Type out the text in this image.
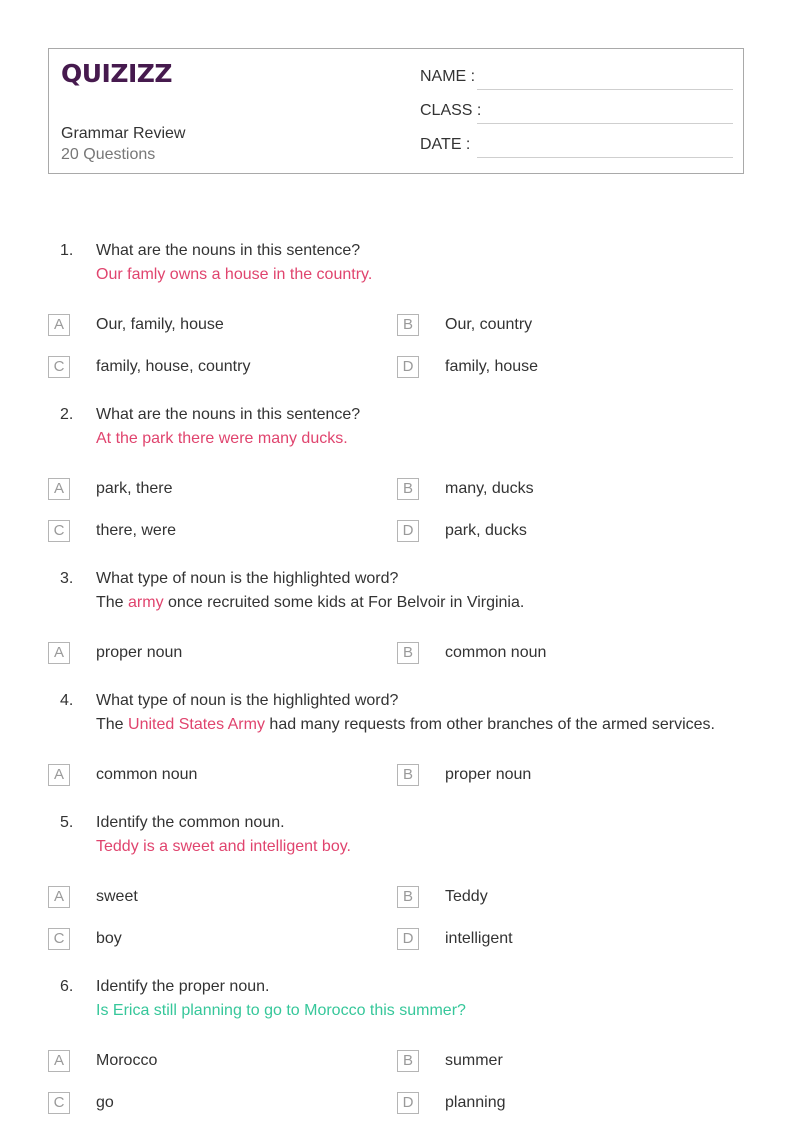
QUIZIZZ
Grammar Review
20 Questions
NAME :
CLASS :
DATE :
1. What are the nouns in this sentence?
Our famly owns a house in the country.
A	Our, family, house	B	Our, country
C	family, house, country	D	family, house
2. What are the nouns in this sentence?
At the park there were many ducks.
A	park, there	B	many, ducks
C	there, were	D	park, ducks
3. What type of noun is the highlighted word?
The army once recruited some kids at For Belvoir in Virginia.
A	proper noun	B	common noun
4. What type of noun is the highlighted word?
The United States Army had many requests from other branches of the armed services.
A	common noun	B	proper noun
5. Identify the common noun.
Teddy is a sweet and intelligent boy.
A	sweet	B	Teddy
C	boy	D	intelligent
6. Identify the proper noun.
Is Erica still planning to go to Morocco this summer?
A	Morocco	B	summer
C	go	D	planning
